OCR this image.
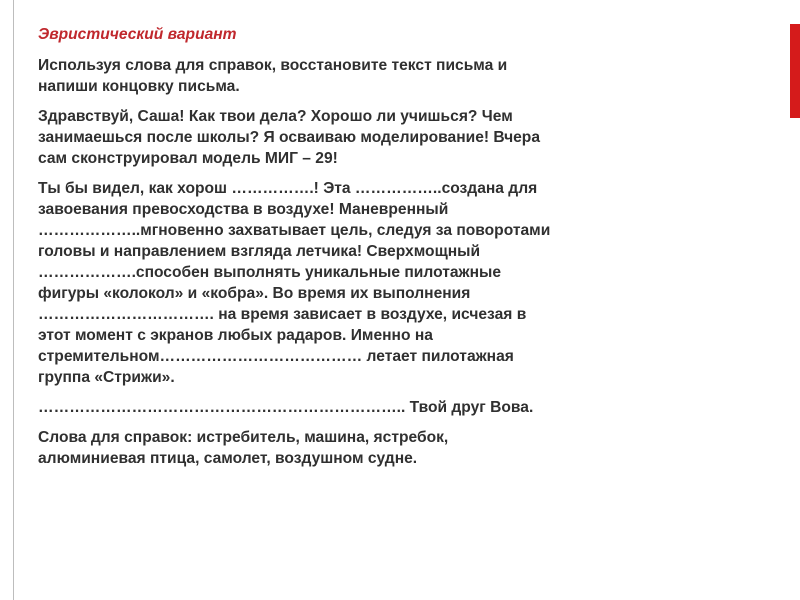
Эвристический вариант
Используя слова для справок, восстановите текст письма и
напиши концовку письма.
Здравствуй, Саша! Как твои дела? Хорошо ли учишься? Чем
занимаешься после школы? Я осваиваю моделирование! Вчера
сам сконструировал модель МИГ – 29!
Ты бы видел, как хорош …………….! Эта ……………..создана для
завоевания превосходства в воздухе! Маневренный
………………..мгновенно захватывает цель, следуя за поворотами
головы и направлением взгляда летчика! Сверхмощный
……………….способен выполнять уникальные пилотажные
фигуры «колокол» и «кобра». Во время их выполнения
……………………………. на время зависает в воздухе, исчезая в
этот момент с экранов любых радаров. Именно на
стремительном………………………………… летает пилотажная
группа «Стрижи».
…………………………………………………………….. Твой друг Вова.
Слова для справок: истребитель, машина, ястребок,
алюминиевая птица, самолет, воздушном судне.
